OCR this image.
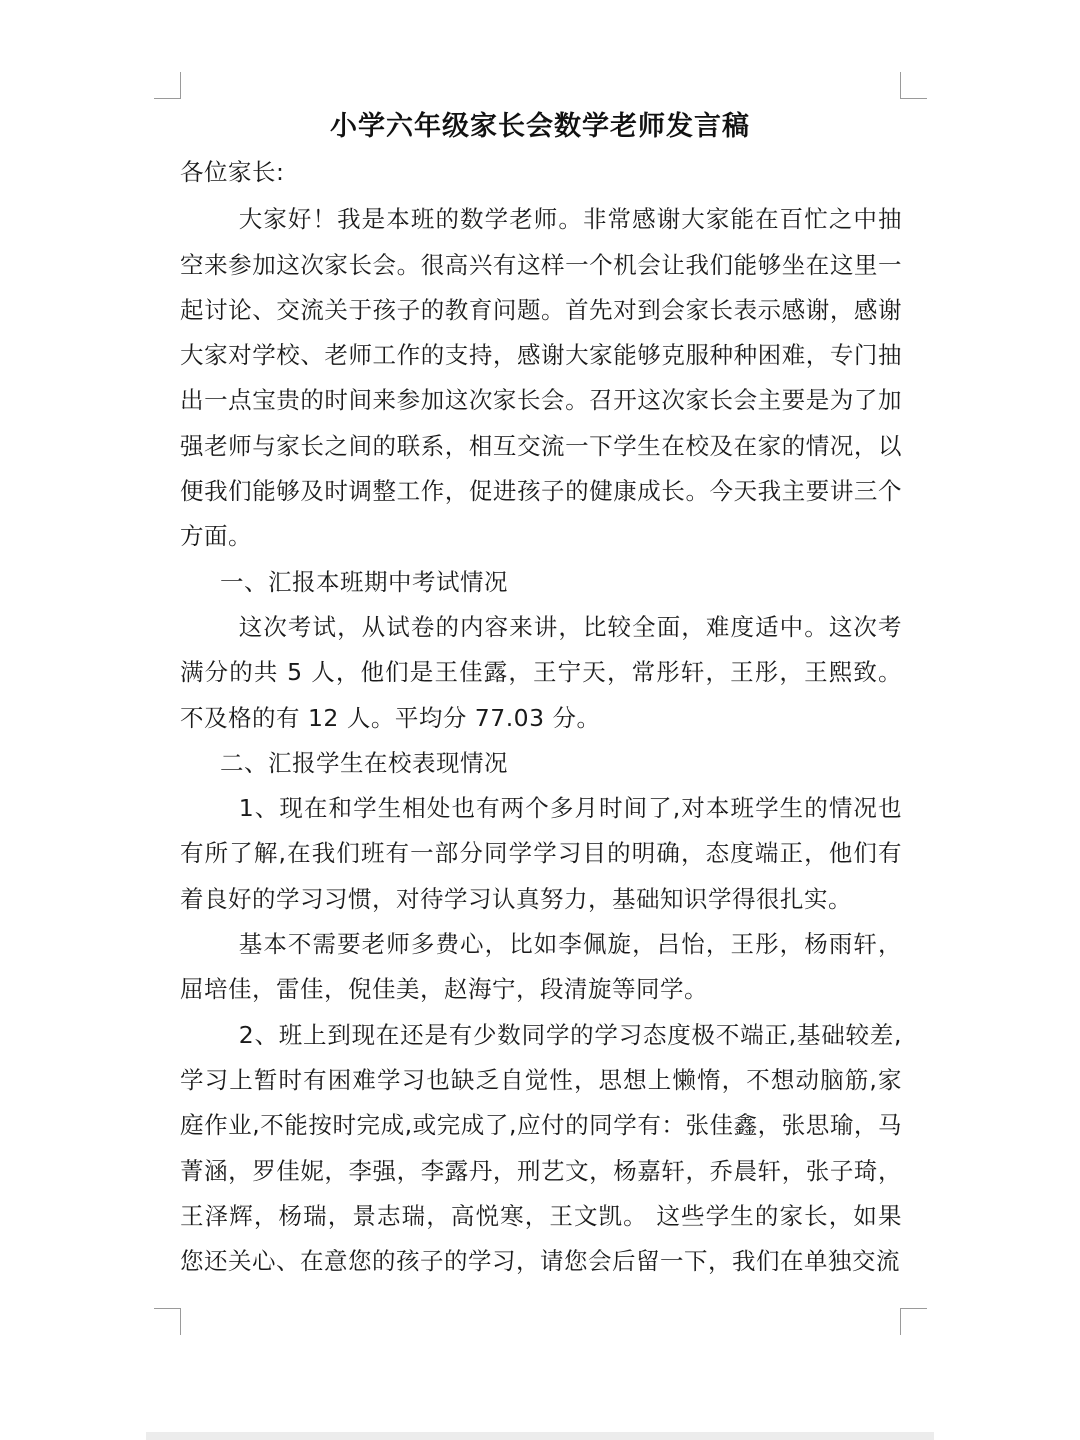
小学六年级家长会数学老师发言稿

各位家长:

大家好！我是本班的数学老师。非常感谢大家能在百忙之中抽空来参加这次家长会。很高兴有这样一个机会让我们能够坐在这里一起讨论、交流关于孩子的教育问题。首先对到会家长表示感谢，感谢大家对学校、老师工作的支持，感谢大家能够克服种种困难，专门抽出一点宝贵的时间来参加这次家长会。召开这次家长会主要是为了加强老师与家长之间的联系，相互交流一下学生在校及在家的情况，以便我们能够及时调整工作，促进孩子的健康成长。今天我主要讲三个方面。

一、汇报本班期中考试情况

这次考试，从试卷的内容来讲，比较全面，难度适中。这次考满分的共 5 人，他们是王佳露，王宁天，常彤轩，王彤，王熙致。不及格的有 12 人。平均分 77.03 分。

二、汇报学生在校表现情况

1、现在和学生相处也有两个多月时间了,对本班学生的情况也有所了解,在我们班有一部分同学学习目的明确，态度端正，他们有着良好的学习习惯，对待学习认真努力，基础知识学得很扎实。

基本不需要老师多费心，比如李佩旋，吕怡，王彤，杨雨轩，屈培佳，雷佳，倪佳美，赵海宁，段清旋等同学。

2、班上到现在还是有少数同学的学习态度极不端正,基础较差,学习上暂时有困难学习也缺乏自觉性，思想上懒惰，不想动脑筋,家庭作业,不能按时完成,或完成了,应付的同学有：张佳鑫，张思瑜，马菁涵，罗佳妮，李强，李露丹，刑艺文，杨嘉轩，乔晨轩，张子琦，王泽辉，杨瑞，景志瑞，高悦寒，王文凯。 这些学生的家长，如果您还关心、在意您的孩子的学习，请您会后留一下，我们在单独交流
